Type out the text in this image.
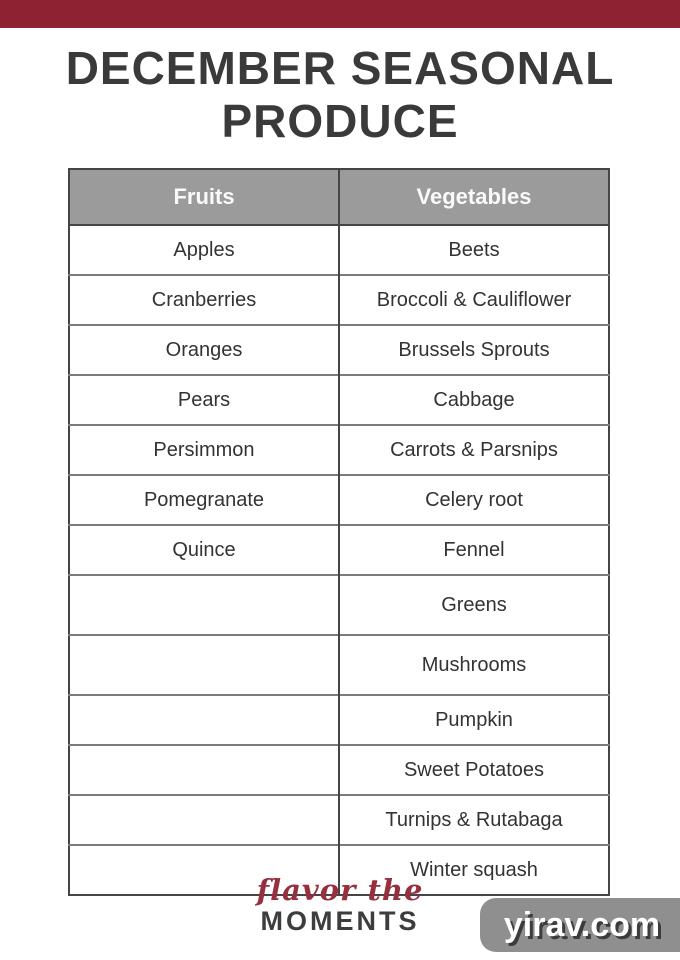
DECEMBER SEASONAL
PRODUCE
Fruits	Vegetables
Apples	Beets
Cranberries	Broccoli & Cauliflower
Oranges	Brussels Sprouts
Pears	Cabbage
Persimmon	Carrots & Parsnips
Pomegranate	Celery root
Quince	Fennel
	Greens
	Mushrooms
	Pumpkin
	Sweet Potatoes
	Turnips & Rutabaga
	Winter squash
flavor the
MOMENTS	yirav.com
